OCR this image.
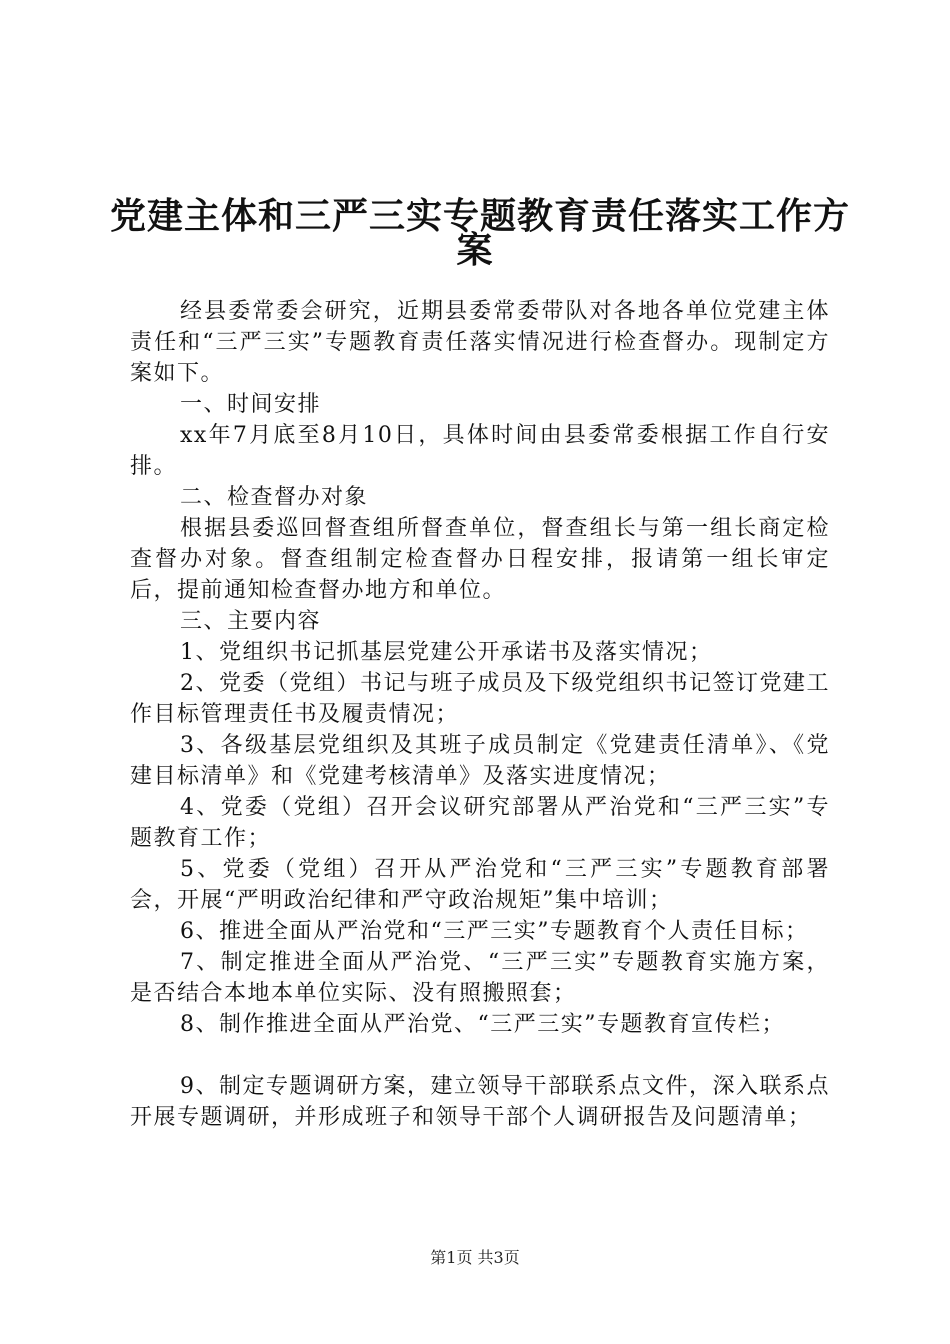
党建主体和三严三实专题教育责任落实工作方
案

经县委常委会研究，近期县委常委带队对各地各单位党建主体责任和“三严三实”专题教育责任落实情况进行检查督办。现制定方案如下。

一、时间安排

xx年7月底至8月10日，具体时间由县委常委根据工作自行安排。

二、检查督办对象

根据县委巡回督查组所督查单位，督查组长与第一组长商定检查督办对象。督查组制定检查督办日程安排，报请第一组长审定后，提前通知检查督办地方和单位。

三、主要内容

1、党组织书记抓基层党建公开承诺书及落实情况；

2、党委（党组）书记与班子成员及下级党组织书记签订党建工作目标管理责任书及履责情况；

3、各级基层党组织及其班子成员制定《党建责任清单》、《党建目标清单》和《党建考核清单》及落实进度情况；

4、党委（党组）召开会议研究部署从严治党和“三严三实”专题教育工作；

5、党委（党组）召开从严治党和“三严三实”专题教育部署会，开展“严明政治纪律和严守政治规矩”集中培训；

6、推进全面从严治党和“三严三实”专题教育个人责任目标；

7、制定推进全面从严治党、“三严三实”专题教育实施方案，是否结合本地本单位实际、没有照搬照套；

8、制作推进全面从严治党、“三严三实”专题教育宣传栏；

9、制定专题调研方案，建立领导干部联系点文件，深入联系点开展专题调研，并形成班子和领导干部个人调研报告及问题清单；

第1页 共3页
